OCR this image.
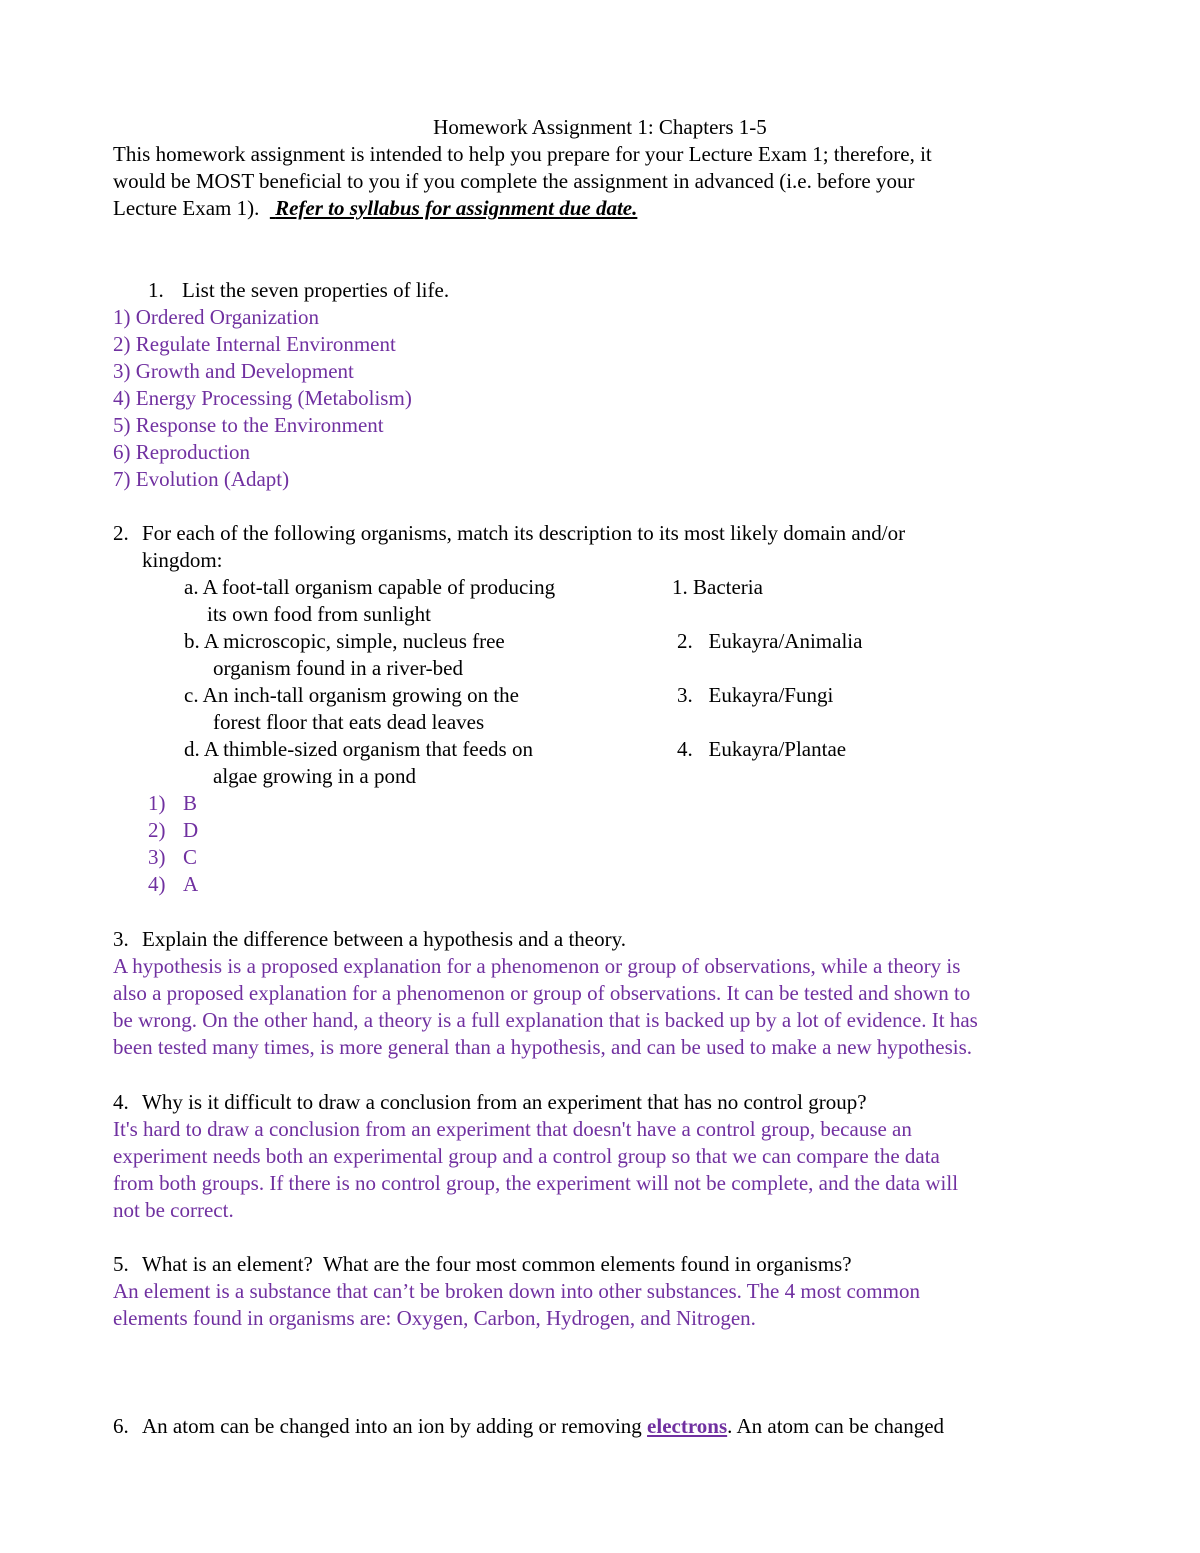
Homework Assignment 1: Chapters 1-5
This homework assignment is intended to help you prepare for your Lecture Exam 1; therefore, it
would be MOST beneficial to you if you complete the assignment in advanced (i.e. before your
Lecture Exam 1). Refer to syllabus for assignment due date.
1. List the seven properties of life.
1) Ordered Organization
2) Regulate Internal Environment
3) Growth and Development
4) Energy Processing (Metabolism)
5) Response to the Environment
6) Reproduction
7) Evolution (Adapt)
2. For each of the following organisms, match its description to its most likely domain and/or
kingdom:
a. A foot-tall organism capable of producing
its own food from sunlight
b. A microscopic, simple, nucleus free
organism found in a river-bed
c. An inch-tall organism growing on the
forest floor that eats dead leaves
d. A thimble-sized organism that feeds on
algae growing in a pond
1. Bacteria
2.   Eukayra/Animalia
3.   Eukayra/Fungi
4.   Eukayra/Plantae
1) B
2) D
3) C
4) A
3. Explain the difference between a hypothesis and a theory.
A hypothesis is a proposed explanation for a phenomenon or group of observations, while a theory is
also a proposed explanation for a phenomenon or group of observations. It can be tested and shown to
be wrong. On the other hand, a theory is a full explanation that is backed up by a lot of evidence. It has
been tested many times, is more general than a hypothesis, and can be used to make a new hypothesis.
4. Why is it difficult to draw a conclusion from an experiment that has no control group?
It's hard to draw a conclusion from an experiment that doesn't have a control group, because an
experiment needs both an experimental group and a control group so that we can compare the data
from both groups. If there is no control group, the experiment will not be complete, and the data will
not be correct.
5. What is an element?  What are the four most common elements found in organisms?
An element is a substance that can’t be broken down into other substances. The 4 most common
elements found in organisms are: Oxygen, Carbon, Hydrogen, and Nitrogen.
6. An atom can be changed into an ion by adding or removing electrons. An atom can be changed
